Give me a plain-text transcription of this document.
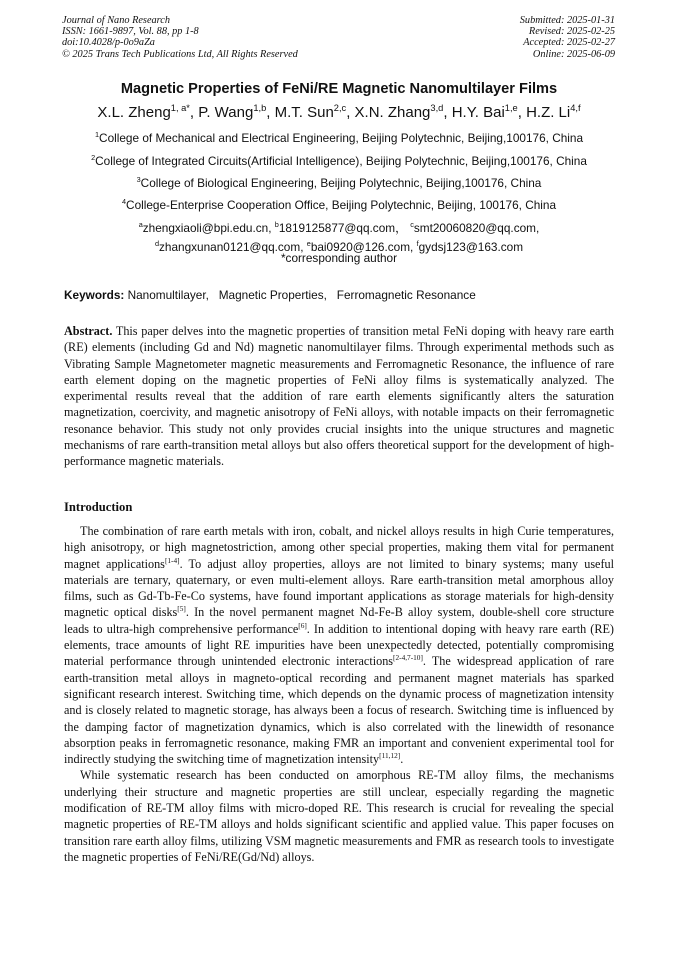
Journal of Nano Research
ISSN: 1661-9897, Vol. 88, pp 1-8
doi:10.4028/p-0o9aZa
© 2025 Trans Tech Publications Ltd, All Rights Reserved
Submitted: 2025-01-31
Revised: 2025-02-25
Accepted: 2025-02-27
Online: 2025-06-09
Magnetic Properties of FeNi/RE Magnetic Nanomultilayer Films
X.L. Zheng$^{1, a*}$, P. Wang$^{1,b}$, M.T. Sun$^{2,c}$, X.N. Zhang$^{3,d}$, H.Y. Bai$^{1,e}$, H.Z. Li$^{4,f}$
$^1$College of Mechanical and Electrical Engineering, Beijing Polytechnic, Beijing,100176, China
$^2$College of Integrated Circuits(Artificial Intelligence), Beijing Polytechnic, Beijing,100176, China
$^3$College of Biological Engineering, Beijing Polytechnic, Beijing,100176, China
$^4$College-Enterprise Cooperation Office, Beijing Polytechnic, Beijing, 100176, China
$^a$zhengxiaoli@bpi.edu.cn, $^b$1819125877@qq.com， $^c$smt20060820@qq.com,
$^d$zhangxunan0121@qq.com, $^e$bai0920@126.com, $^f$gydsj123@163.com
*corresponding author
Keywords: Nanomultilayer,   Magnetic Properties,   Ferromagnetic Resonance

Abstract. This paper delves into the magnetic properties of transition metal FeNi doping with heavy rare earth (RE) elements (including Gd and Nd) magnetic nanomultilayer films. Through experimental methods such as Vibrating Sample Magnetometer magnetic measurements and Ferromagnetic Resonance, the influence of rare earth element doping on the magnetic properties of FeNi alloy films is systematically analyzed. The experimental results reveal that the addition of rare earth elements significantly alters the saturation magnetization, coercivity, and magnetic anisotropy of FeNi alloys, with notable impacts on their ferromagnetic resonance behavior. This study not only provides crucial insights into the unique structures and magnetic mechanisms of rare earth-transition metal alloys but also offers theoretical support for the development of high-performance magnetic materials.

Introduction

The combination of rare earth metals with iron, cobalt, and nickel alloys results in high Curie temperatures, high anisotropy, or high magnetostriction, among other special properties, making them vital for permanent magnet applications[1-4]. To adjust alloy properties, alloys are not limited to binary systems; many useful materials are ternary, quaternary, or even multi-element alloys. Rare earth-transition metal amorphous alloy films, such as Gd-Tb-Fe-Co systems, have found important applications as storage materials for high-density magnetic optical disks[5]. In the novel permanent magnet Nd-Fe-B alloy system, double-shell core structure leads to ultra-high comprehensive performance[6]. In addition to intentional doping with heavy rare earth (RE) elements, trace amounts of light RE impurities have been unexpectedly detected, potentially compromising material performance through unintended electronic interactions[2-4,7-10]. The widespread application of rare earth-transition metal alloys in magneto-optical recording and permanent magnet materials has sparked significant research interest. Switching time, which depends on the dynamic process of magnetization intensity and is closely related to magnetic storage, has always been a focus of research. Switching time is influenced by the damping factor of magnetization dynamics, which is also correlated with the linewidth of resonance absorption peaks in ferromagnetic resonance, making FMR an important and convenient experimental tool for indirectly studying the switching time of magnetization intensity[11,12].

While systematic research has been conducted on amorphous RE-TM alloy films, the mechanisms underlying their structure and magnetic properties are still unclear, especially regarding the magnetic modification of RE-TM alloy films with micro-doped RE. This research is crucial for revealing the special magnetic properties of RE-TM alloys and holds significant scientific and applied value. This paper focuses on transition rare earth alloy films, utilizing VSM magnetic measurements and FMR as research tools to investigate the magnetic properties of FeNi/RE(Gd/Nd) alloys.
